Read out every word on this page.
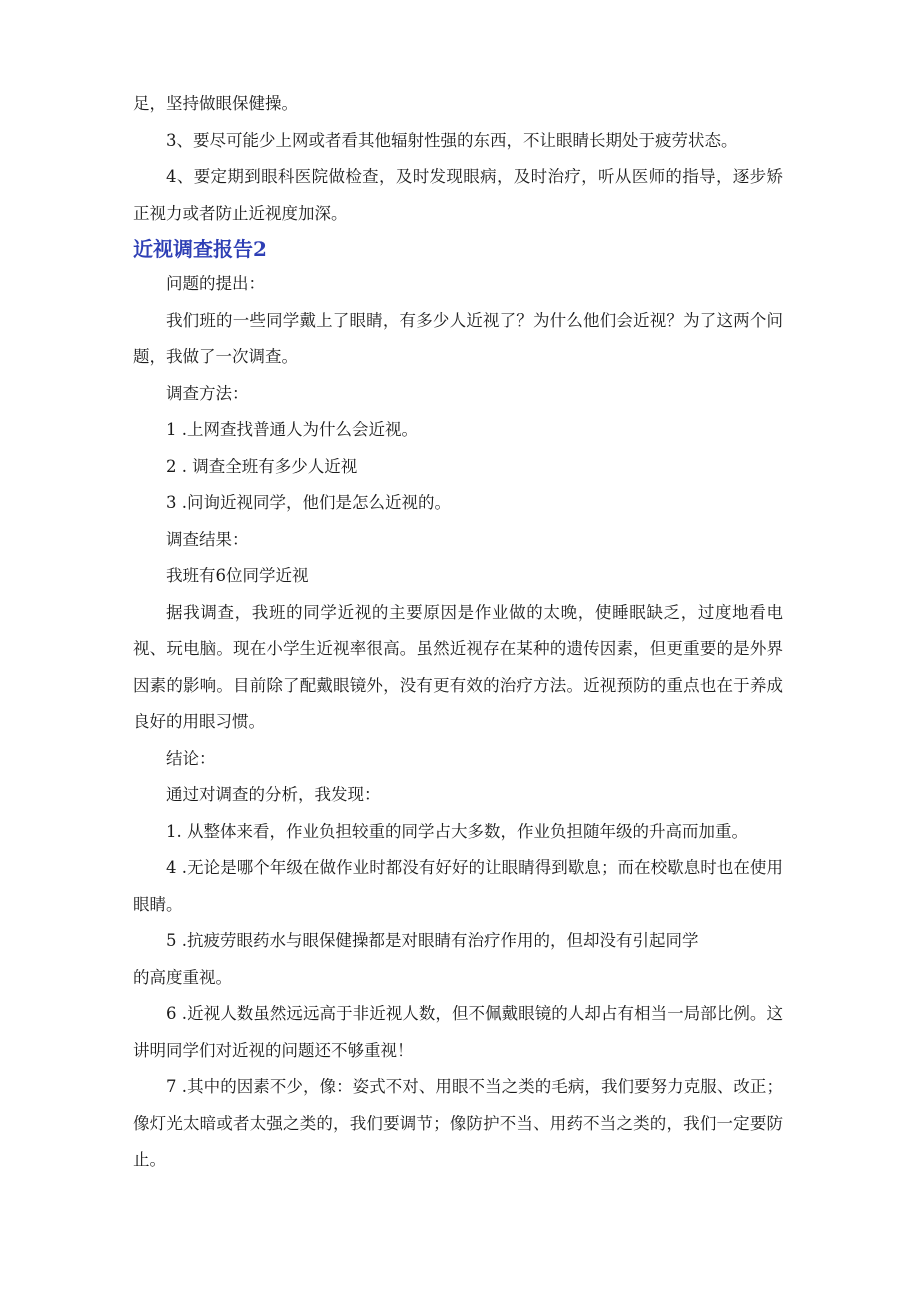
足，坚持做眼保健操。

3、要尽可能少上网或者看其他辐射性强的东西，不让眼睛长期处于疲劳状态。

4、要定期到眼科医院做检查，及时发现眼病，及时治疗，听从医师的指导，逐步矫正视力或者防止近视度加深。

近视调查报告2

问题的提出：

我们班的一些同学戴上了眼睛，有多少人近视了？为什么他们会近视？为了这两个问题，我做了一次调查。

调查方法：

1 .上网查找普通人为什么会近视。

2 . 调查全班有多少人近视

3 .问询近视同学，他们是怎么近视的。

调查结果：

我班有6位同学近视

据我调查，我班的同学近视的主要原因是作业做的太晚，使睡眠缺乏，过度地看电视、玩电脑。现在小学生近视率很高。虽然近视存在某种的遗传因素，但更重要的是外界因素的影响。目前除了配戴眼镜外，没有更有效的治疗方法。近视预防的重点也在于养成良好的用眼习惯。

结论：

通过对调查的分析，我发现：

1. 从整体来看，作业负担较重的同学占大多数，作业负担随年级的升高而加重。

4 .无论是哪个年级在做作业时都没有好好的让眼睛得到歇息；而在校歇息时也在使用眼睛。

5 .抗疲劳眼药水与眼保健操都是对眼睛有治疗作用的，但却没有引起同学

的高度重视。

6 .近视人数虽然远远高于非近视人数，但不佩戴眼镜的人却占有相当一局部比例。这讲明同学们对近视的问题还不够重视！

7 .其中的因素不少，像：姿式不对、用眼不当之类的毛病，我们要努力克服、改正；像灯光太暗或者太强之类的，我们要调节；像防护不当、用药不当之类的，我们一定要防止。
